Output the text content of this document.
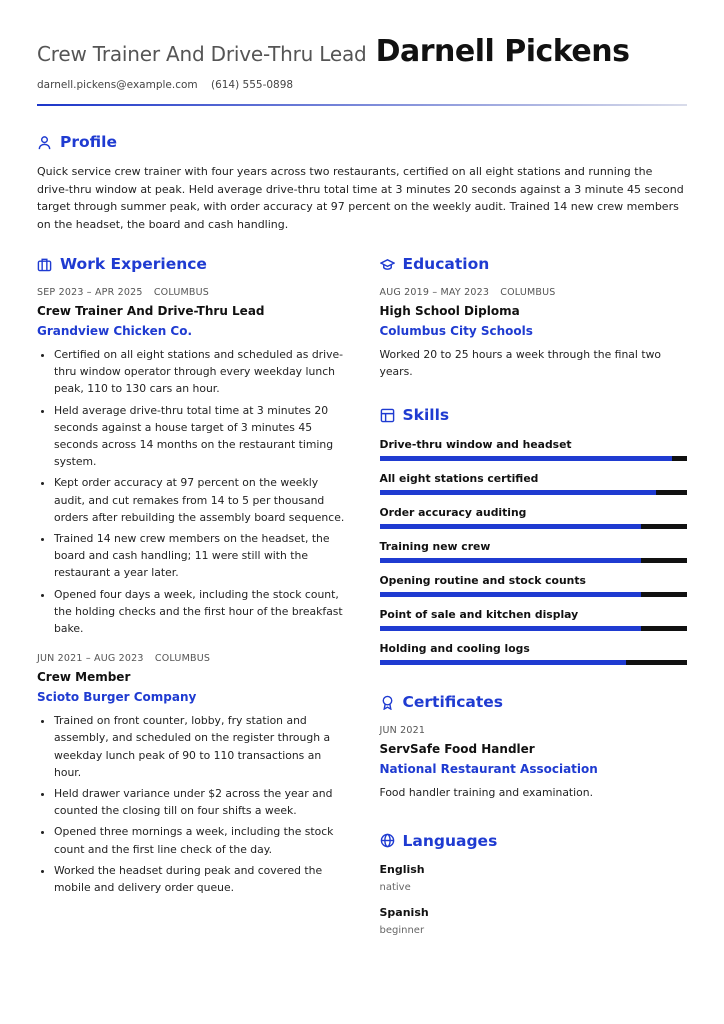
Crew Trainer And Drive-Thru Lead Darnell Pickens
darnell.pickens@example.com (614) 555-0898
Profile
Quick service crew trainer with four years across two restaurants, certified on all eight stations and running the drive-thru window at peak. Held average drive-thru total time at 3 minutes 20 seconds against a 3 minute 45 second target through summer peak, with order accuracy at 97 percent on the weekly audit. Trained 14 new crew members on the headset, the board and cash handling.
Work Experience
SEP 2023 – APR 2025 COLUMBUS
Crew Trainer And Drive-Thru Lead
Grandview Chicken Co.
• Certified on all eight stations and scheduled as drive-thru window operator through every weekday lunch peak, 110 to 130 cars an hour.
• Held average drive-thru total time at 3 minutes 20 seconds against a house target of 3 minutes 45 seconds across 14 months on the restaurant timing system.
• Kept order accuracy at 97 percent on the weekly audit, and cut remakes from 14 to 5 per thousand orders after rebuilding the assembly board sequence.
• Trained 14 new crew members on the headset, the board and cash handling; 11 were still with the restaurant a year later.
• Opened four days a week, including the stock count, the holding checks and the first hour of the breakfast bake.
JUN 2021 – AUG 2023 COLUMBUS
Crew Member
Scioto Burger Company
• Trained on front counter, lobby, fry station and assembly, and scheduled on the register through a weekday lunch peak of 90 to 110 transactions an hour.
• Held drawer variance under $2 across the year and counted the closing till on four shifts a week.
• Opened three mornings a week, including the stock count and the first line check of the day.
• Worked the headset during peak and covered the mobile and delivery order queue.
Education
AUG 2019 – MAY 2023 COLUMBUS
High School Diploma
Columbus City Schools
Worked 20 to 25 hours a week through the final two years.
Skills
Drive-thru window and headset
All eight stations certified
Order accuracy auditing
Training new crew
Opening routine and stock counts
Point of sale and kitchen display
Holding and cooling logs
Certificates
JUN 2021
ServSafe Food Handler
National Restaurant Association
Food handler training and examination.
Languages
English
native
Spanish
beginner
